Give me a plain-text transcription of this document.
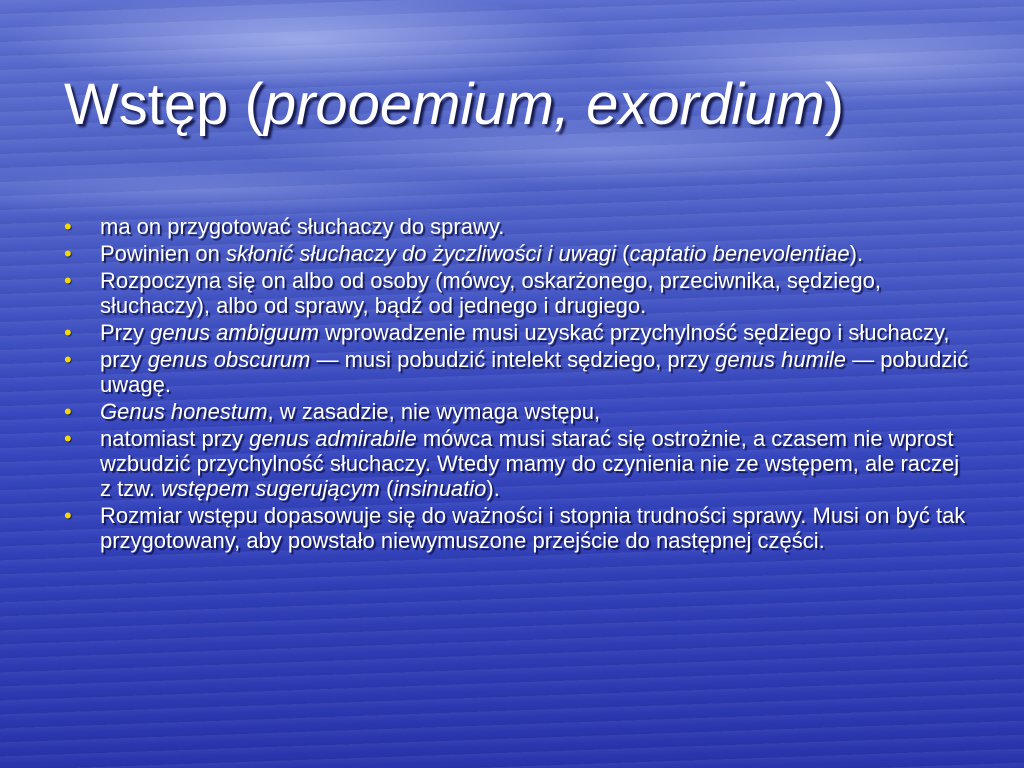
Wstęp (prooemium, exordium)
• ma on przygotować słuchaczy do sprawy.
• Powinien on skłonić słuchaczy do życzliwości i uwagi (captatio benevolentiae).
• Rozpoczyna się on albo od osoby (mówcy, oskarżonego, przeciwnika, sędziego, słuchaczy), albo od sprawy, bądź od jednego i drugiego.
• Przy genus ambiguum wprowadzenie musi uzyskać przychylność sędziego i słuchaczy,
• przy genus obscurum — musi pobudzić intelekt sędziego, przy genus humile — pobudzić uwagę.
• Genus honestum, w zasadzie, nie wymaga wstępu,
• natomiast przy genus admirabile mówca musi starać się ostrożnie, a czasem nie wprost wzbudzić przychylność słuchaczy. Wtedy mamy do czynienia nie ze wstępem, ale raczej z tzw. wstępem sugerującym (insinuatio).
• Rozmiar wstępu dopasowuje się do ważności i stopnia trudności sprawy. Musi on być tak przygotowany, aby powstało niewymuszone przejście do następnej części.
